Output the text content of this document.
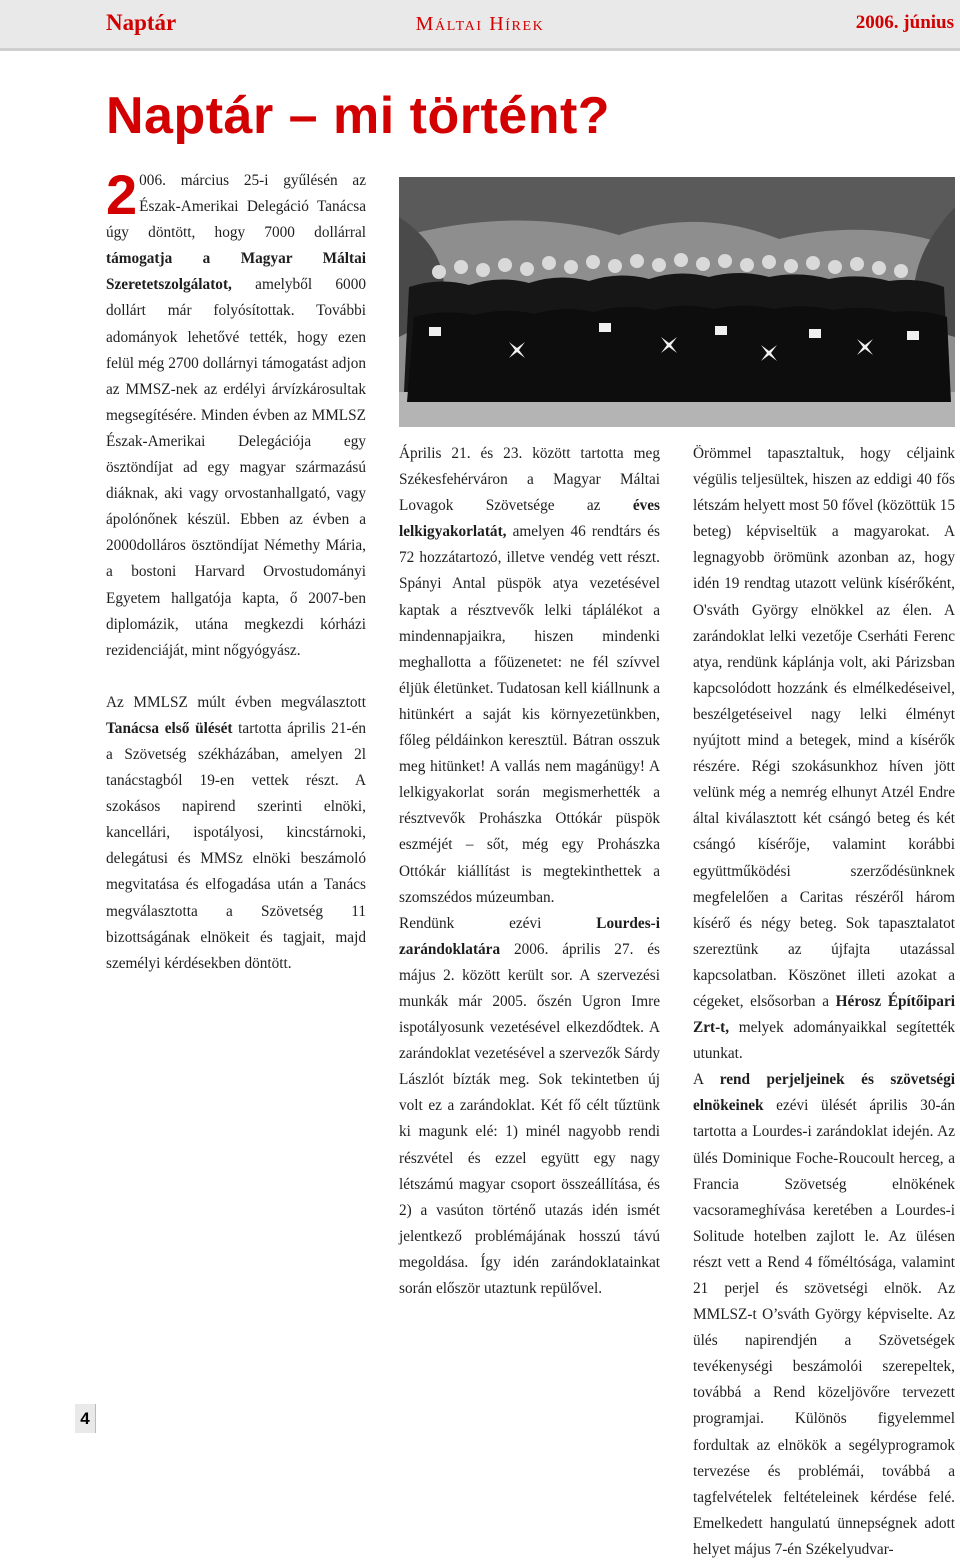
Naptár	Máltai Hírek	2006. június
Naptár – mi történt?

2 006. március 25-i gyűlésén az Észak-Amerikai Delegáció Tanácsa úgy döntött, hogy 7000 dollárral támogatja a Magyar Máltai Szeretetszolgálatot, amelyből 6000 dollárt már folyósítottak. További adományok lehetővé tették, hogy ezen felül még 2700 dollárnyi támogatást adjon az MMSZ-nek az erdélyi árvízkárosultak megsegítésére. Minden évben az MMLSZ Észak-Amerikai Delegációja egy ösztöndíjat ad egy magyar származású diáknak, aki vagy orvostanhallgató, vagy ápolónőnek készül. Ebben az évben a 2000dolláros ösztöndíjat Némethy Mária, a bostoni Harvard Orvostudományi Egyetem hallgatója kapta, ő 2007-ben diplomázik, utána megkezdi kórházi rezidenciáját, mint nőgyógyász.

Az MMLSZ múlt évben megválasztott Tanácsa első ülését tartotta április 21-én a Szövetség székházában, amelyen 2l tanácstagból 19-en vettek részt. A szokásos napirend szerinti elnöki, kancellári, ispotályosi, kincstárnoki, delegátusi és MMSz elnöki beszámoló megvitatása és elfogadása után a Tanács megválasztotta a Szövetség 11 bizottságának elnökeit és tagjait, majd személyi kérdésekben döntött.

Április 21. és 23. között tartotta meg Székesfehérváron a Magyar Máltai Lovagok Szövetsége az éves lelkigyakorlatát, amelyen 46 rendtárs és 72 hozzátartozó, illetve vendég vett részt. Spányi Antal püspök atya vezetésével kaptak a résztvevők lelki táplálékot a mindennapjaikra, hiszen mindenki meghallotta a főüzenetet: ne fél szívvel éljük életünket. Tudatosan kell kiállnunk a hitünkért a saját kis környezetünkben, főleg példáinkon keresztül. Bátran osszuk meg hitünket! A vallás nem magánügy! A lelkigyakorlat során megismerhették a résztvevők Prohászka Ottókár püspök eszméjét – sőt, még egy Prohászka Ottókár kiállítást is megtekinthettek a szomszédos múzeumban.

Rendünk ezévi Lourdes-i zarándoklatára 2006. április 27. és május 2. között került sor. A szervezési munkák már 2005. őszén Ugron Imre ispotályosunk vezetésével elkezdődtek. A zarándoklat vezetésével a szervezők Sárdy Lászlót bízták meg. Sok tekintetben új volt ez a zarándoklat. Két fő célt tűztünk ki magunk elé: 1) minél nagyobb rendi részvétel és ezzel együtt egy nagy létszámú magyar csoport összeállítása, és 2) a vasúton történő utazás idén ismét jelentkező problémájának hosszú távú megoldása. Így idén zarándoklatainkat során először utaztunk repülővel.

Örömmel tapasztaltuk, hogy céljaink végülis teljesültek, hiszen az eddigi 40 fős létszám helyett most 50 fővel (közöttük 15 beteg) képviseltük a magyarokat. A legnagyobb örömünk azonban az, hogy idén 19 rendtag utazott velünk kísérőként, O'sváth György elnökkel az élen. A zarándoklat lelki vezetője Cserháti Ferenc atya, rendünk káplánja volt, aki Párizsban kapcsolódott hozzánk és elmélkedéseivel, beszélgetéseivel nagy lelki élményt nyújtott mind a betegek, mind a kísérők részére. Régi szokásunkhoz híven jött velünk még a nemrég elhunyt Atzél Endre által kiválasztott két csángó beteg és két csángó kísérője, valamint korábbi együttműködési szerződésünknek megfelelően a Caritas részéről három kísérő és négy beteg. Sok tapasztalatot szereztünk az újfajta utazással kapcsolatban. Köszönet illeti azokat a cégeket, elsősorban a Hérosz Építőipari Zrt-t, melyek adományaikkal segítették utunkat.

A rend perjeljeinek és szövetségi elnökeinek ezévi ülését április 30-án tartotta a Lourdes-i zarándoklat idején. Az ülés Dominique Foche-Roucoult herceg, a Francia Szövetség elnökének vacsorameghívása keretében a Lourdes-i Solitude hotelben zajlott le. Az ülésen részt vett a Rend 4 főméltósága, valamint 21 perjel és szövetségi elnök. Az MMLSZ-t O’sváth György képviselte. Az ülés napirendjén a Szövetségek tevékenységi beszámolói szerepeltek, továbbá a Rend közeljövőre tervezett programjai. Különös figyelemmel fordultak az elnökök a segélyprogramok tervezése és problémái, továbbá a tagfelvételek feltételeinek kérdése felé. Emelkedett hangulatú ünnepségnek adott helyet május 7-én Székelyudvar-

4
